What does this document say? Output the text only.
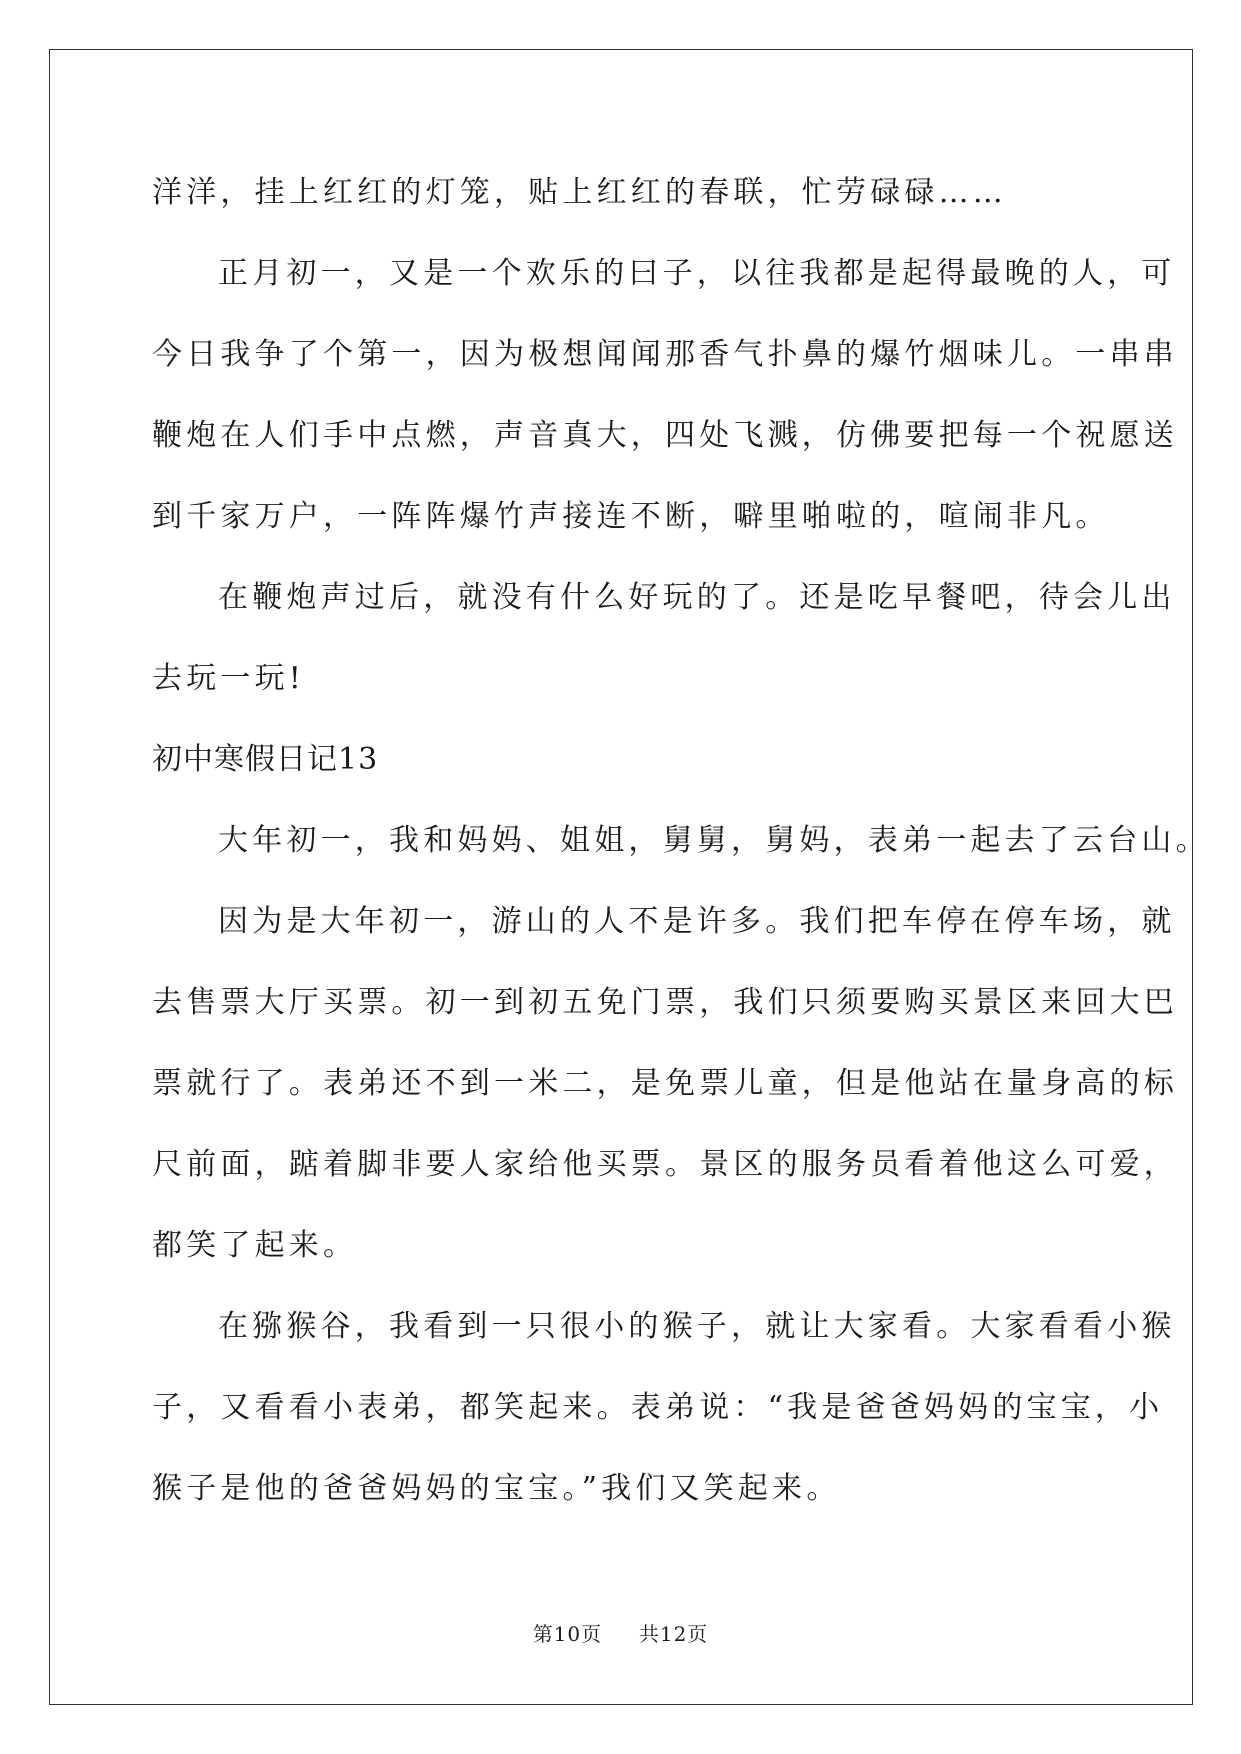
洋洋，挂上红红的灯笼，贴上红红的春联，忙劳碌碌……
正月初一，又是一个欢乐的曰子，以往我都是起得最晚的人，可
今日我争了个第一，因为极想闻闻那香气扑鼻的爆竹烟味儿。一串串
鞭炮在人们手中点燃，声音真大，四处飞溅，仿佛要把每一个祝愿送
到千家万户，一阵阵爆竹声接连不断，噼里啪啦的，喧闹非凡。
在鞭炮声过后，就没有什么好玩的了。还是吃早餐吧，待会儿出
去玩一玩!
初中寒假日记13
大年初一，我和妈妈、姐姐，舅舅，舅妈，表弟一起去了云台山。
因为是大年初一，游山的人不是许多。我们把车停在停车场，就
去售票大厅买票。初一到初五免门票，我们只须要购买景区来回大巴
票就行了。表弟还不到一米二，是免票儿童，但是他站在量身高的标
尺前面，踮着脚非要人家给他买票。景区的服务员看着他这么可爱，
都笑了起来。
在猕猴谷，我看到一只很小的猴子，就让大家看。大家看看小猴
子，又看看小表弟，都笑起来。表弟说：“我是爸爸妈妈的宝宝，小
猴子是他的爸爸妈妈的宝宝。”我们又笑起来。
第10页 共12页
